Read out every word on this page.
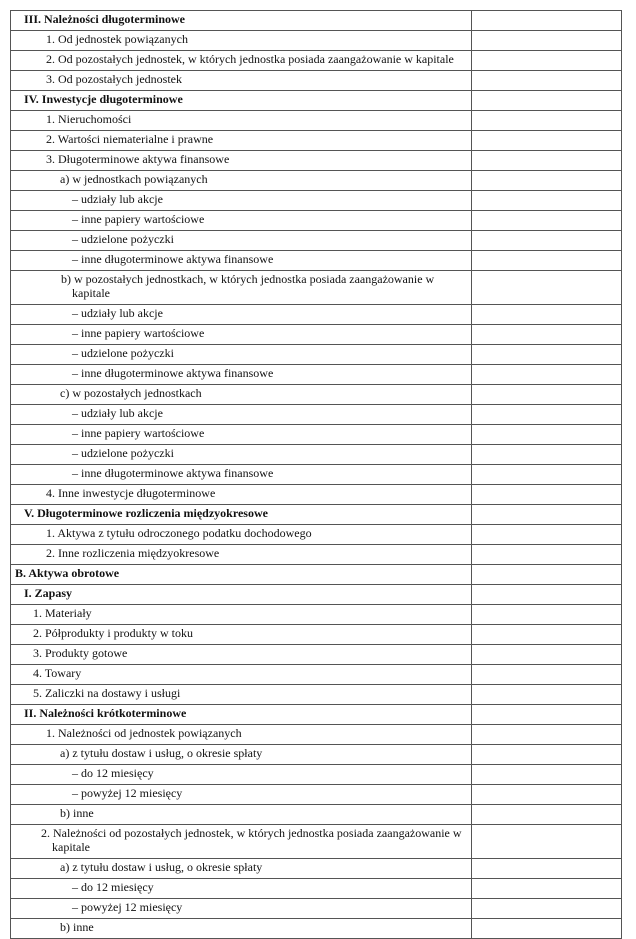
III. Należności długoterminowe	
1. Od jednostek powiązanych	
2. Od pozostałych jednostek, w których jednostka posiada zaangażowanie w kapitale	
3. Od pozostałych jednostek	
IV. Inwestycje długoterminowe	
1. Nieruchomości	
2. Wartości niematerialne i prawne	
3. Długoterminowe aktywa finansowe	
a) w jednostkach powiązanych	
– udziały lub akcje	
– inne papiery wartościowe	
– udzielone pożyczki	
– inne długoterminowe aktywa finansowe	
b) w pozostałych jednostkach, w których jednostka posiada zaangażowanie w kapitale	
– udziały lub akcje	
– inne papiery wartościowe	
– udzielone pożyczki	
– inne długoterminowe aktywa finansowe	
c) w pozostałych jednostkach	
– udziały lub akcje	
– inne papiery wartościowe	
– udzielone pożyczki	
– inne długoterminowe aktywa finansowe	
4. Inne inwestycje długoterminowe	
V. Długoterminowe rozliczenia międzyokresowe	
1. Aktywa z tytułu odroczonego podatku dochodowego	
2. Inne rozliczenia międzyokresowe	
B. Aktywa obrotowe	
I. Zapasy	
1. Materiały	
2. Półprodukty i produkty w toku	
3. Produkty gotowe	
4. Towary	
5. Zaliczki na dostawy i usługi	
II. Należności krótkoterminowe	
1. Należności od jednostek powiązanych	
a) z tytułu dostaw i usług, o okresie spłaty	
– do 12 miesięcy	
– powyżej 12 miesięcy	
b) inne	
2. Należności od pozostałych jednostek, w których jednostka posiada zaangażowanie w kapitale	
a) z tytułu dostaw i usług, o okresie spłaty	
– do 12 miesięcy	
– powyżej 12 miesięcy	
b) inne	
